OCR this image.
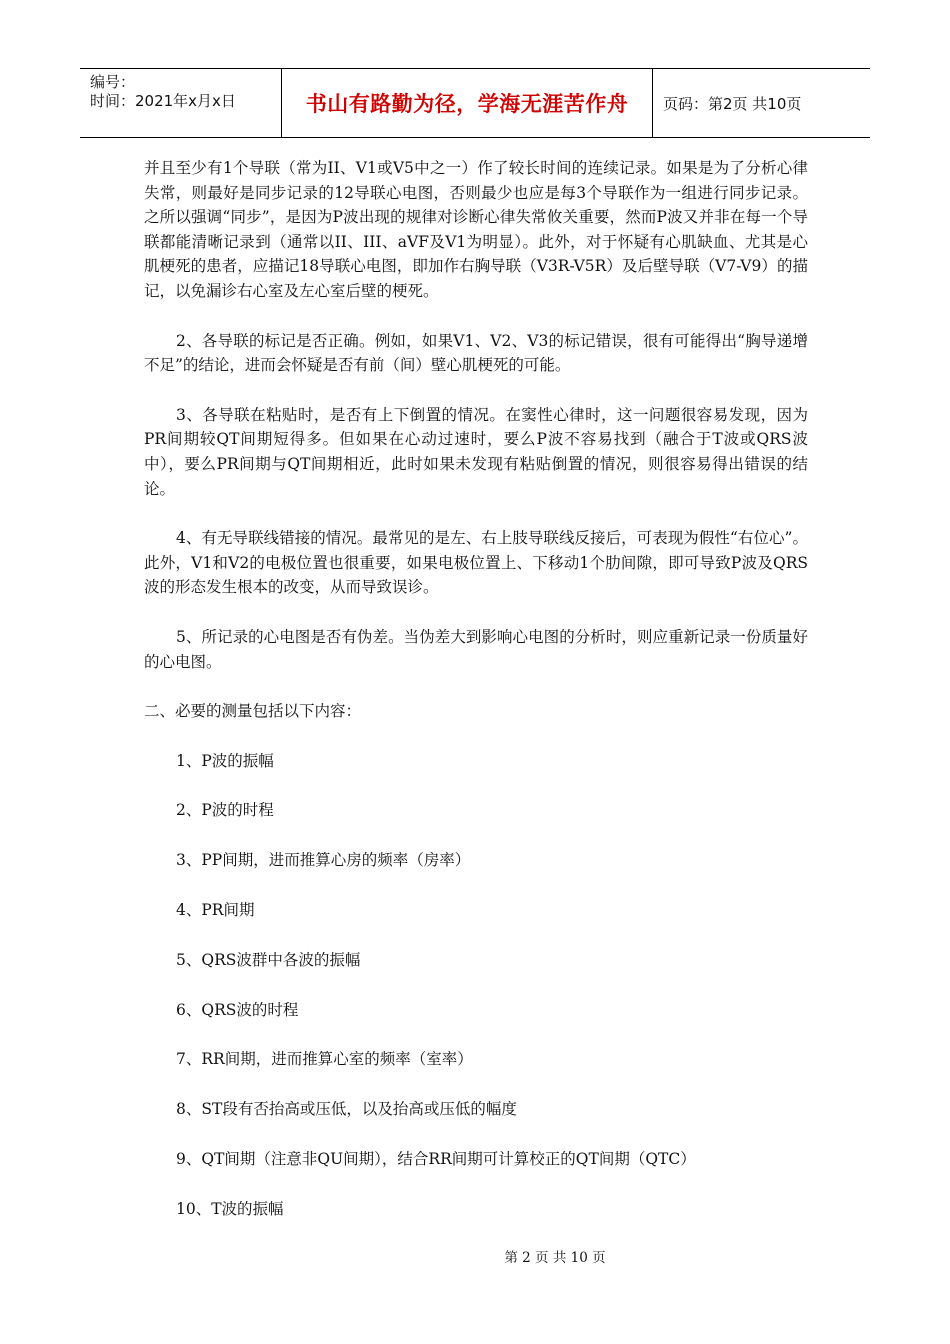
编号：
时间：2021年x月x日	书山有路勤为径，学海无涯苦作舟	页码：第2页 共10页

并且至少有1个导联（常为II、V1或V5中之一）作了较长时间的连续记录。如果是为了分析心律失常，则最好是同步记录的12导联心电图，否则最少也应是每3个导联作为一组进行同步记录。之所以强调“同步”，是因为P波出现的规律对诊断心律失常攸关重要，然而P波又并非在每一个导联都能清晰记录到（通常以II、III、aVF及V1为明显）。此外，对于怀疑有心肌缺血、尤其是心肌梗死的患者，应描记18导联心电图，即加作右胸导联（V3R-V5R）及后壁导联（V7-V9）的描记，以免漏诊右心室及左心室后壁的梗死。

2、各导联的标记是否正确。例如，如果V1、V2、V3的标记错误，很有可能得出“胸导递增不足”的结论，进而会怀疑是否有前（间）壁心肌梗死的可能。

3、各导联在粘贴时，是否有上下倒置的情况。在窦性心律时，这一问题很容易发现，因为PR间期较QT间期短得多。但如果在心动过速时，要么P波不容易找到（融合于T波或QRS波中），要么PR间期与QT间期相近，此时如果未发现有粘贴倒置的情况，则很容易得出错误的结论。

4、有无导联线错接的情况。最常见的是左、右上肢导联线反接后，可表现为假性“右位心”。此外，V1和V2的电极位置也很重要，如果电极位置上、下移动1个肋间隙，即可导致P波及QRS波的形态发生根本的改变，从而导致误诊。

5、所记录的心电图是否有伪差。当伪差大到影响心电图的分析时，则应重新记录一份质量好的心电图。

二、必要的测量包括以下内容：

1、P波的振幅

2、P波的时程

3、PP间期，进而推算心房的频率（房率）

4、PR间期

5、QRS波群中各波的振幅

6、QRS波的时程

7、RR间期，进而推算心室的频率（室率）

8、ST段有否抬高或压低，以及抬高或压低的幅度

9、QT间期（注意非QU间期），结合RR间期可计算校正的QT间期（QTC）

10、T波的振幅

第 2 页 共 10 页
